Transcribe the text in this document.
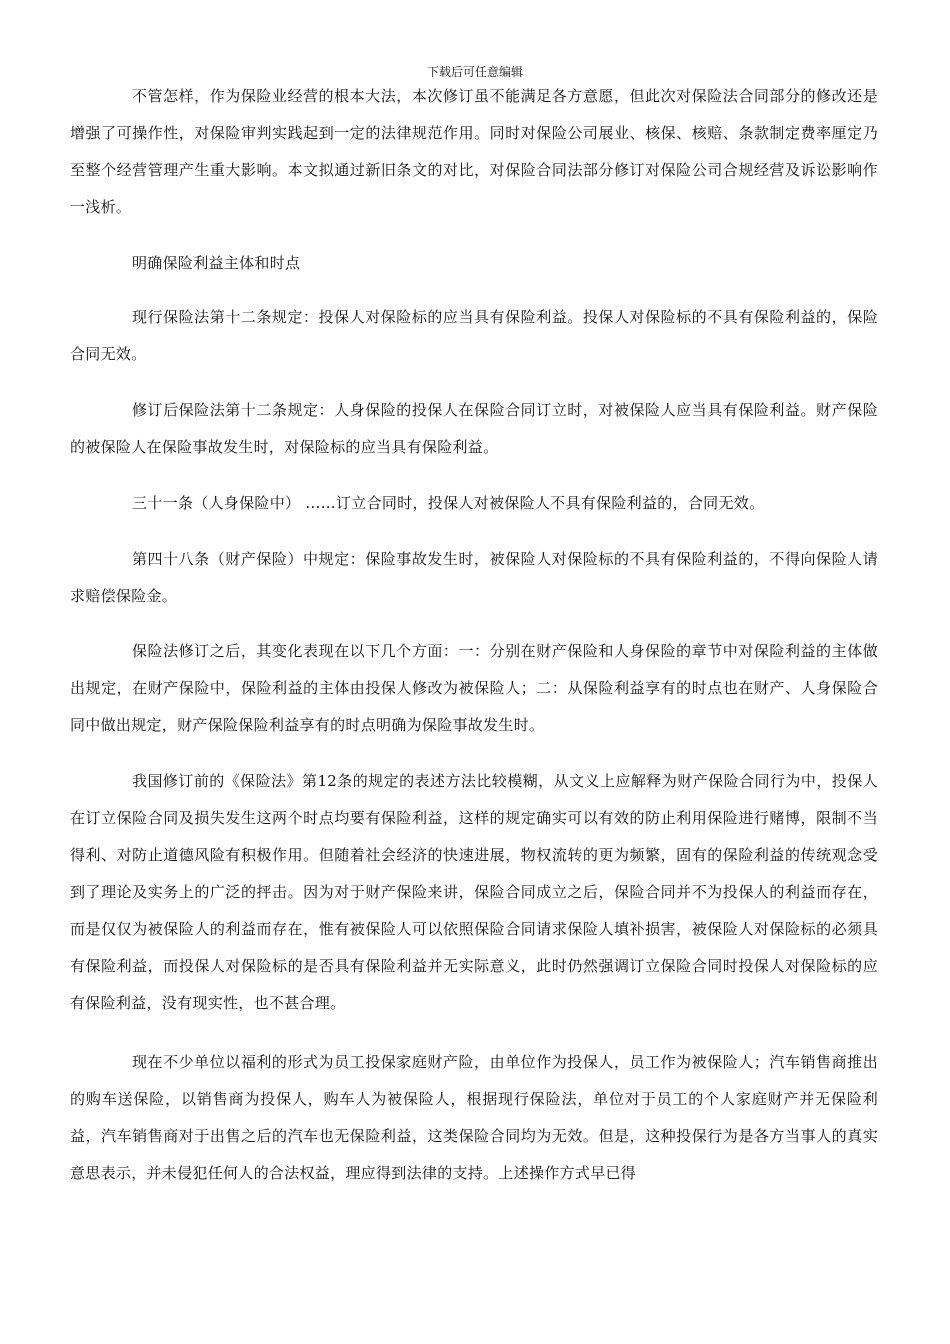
下载后可任意编辑

不管怎样，作为保险业经营的根本大法，本次修订虽不能满足各方意愿，但此次对保险法合同部分的修改还是增强了可操作性，对保险审判实践起到一定的法律规范作用。同时对保险公司展业、核保、核赔、条款制定费率厘定乃至整个经营管理产生重大影响。本文拟通过新旧条文的对比，对保险合同法部分修订对保险公司合规经营及诉讼影响作一浅析。

明确保险利益主体和时点

现行保险法第十二条规定：投保人对保险标的应当具有保险利益。投保人对保险标的不具有保险利益的，保险合同无效。

修订后保险法第十二条规定：人身保险的投保人在保险合同订立时，对被保险人应当具有保险利益。财产保险的被保险人在保险事故发生时，对保险标的应当具有保险利益。

三十一条（人身保险中） ……订立合同时，投保人对被保险人不具有保险利益的，合同无效。

第四十八条（财产保险）中规定：保险事故发生时，被保险人对保险标的不具有保险利益的，不得向保险人请求赔偿保险金。

保险法修订之后，其变化表现在以下几个方面：一：分别在财产保险和人身保险的章节中对保险利益的主体做出规定，在财产保险中，保险利益的主体由投保人修改为被保险人；二：从保险利益享有的时点也在财产、人身保险合同中做出规定，财产保险保险利益享有的时点明确为保险事故发生时。

我国修订前的《保险法》第12条的规定的表述方法比较模糊，从文义上应解释为财产保险合同行为中，投保人在订立保险合同及损失发生这两个时点均要有保险利益，这样的规定确实可以有效的防止利用保险进行赌博，限制不当得利、对防止道德风险有积极作用。但随着社会经济的快速进展，物权流转的更为频繁，固有的保险利益的传统观念受到了理论及实务上的广泛的抨击。因为对于财产保险来讲，保险合同成立之后，保险合同并不为投保人的利益而存在，而是仅仅为被保险人的利益而存在，惟有被保险人可以依照保险合同请求保险人填补损害，被保险人对保险标的必须具有保险利益，而投保人对保险标的是否具有保险利益并无实际意义，此时仍然强调订立保险合同时投保人对保险标的应有保险利益，没有现实性，也不甚合理。

现在不少单位以福利的形式为员工投保家庭财产险，由单位作为投保人，员工作为被保险人；汽车销售商推出的购车送保险，以销售商为投保人，购车人为被保险人，根据现行保险法，单位对于员工的个人家庭财产并无保险利益，汽车销售商对于出售之后的汽车也无保险利益，这类保险合同均为无效。但是，这种投保行为是各方当事人的真实意思表示，并未侵犯任何人的合法权益，理应得到法律的支持。上述操作方式早已得
